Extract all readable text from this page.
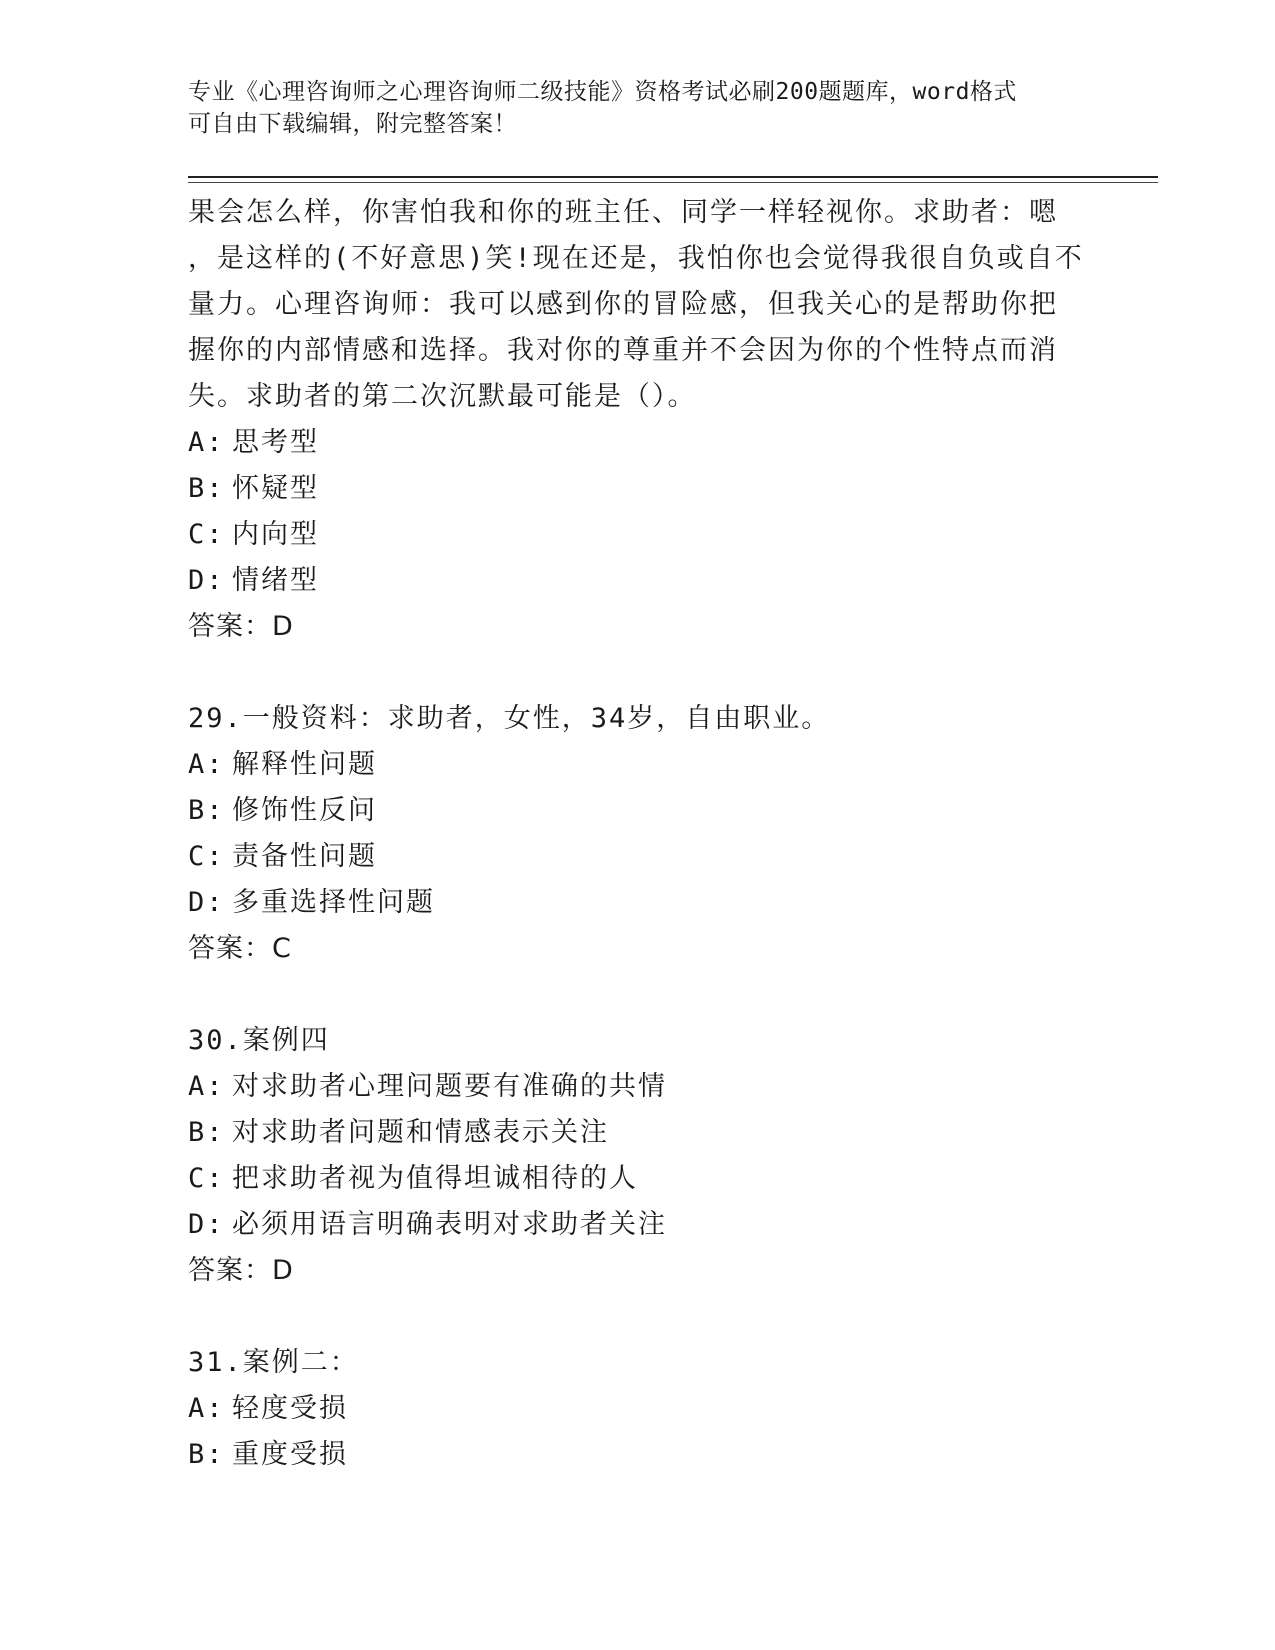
专业《心理咨询师之心理咨询师二级技能》资格考试必刷200题题库，word格式
可自由下载编辑，附完整答案！
果会怎么样，你害怕我和你的班主任、同学一样轻视你。求助者：嗯
，是这样的(不好意思)笑!现在还是，我怕你也会觉得我很自负或自不
量力。心理咨询师：我可以感到你的冒险感，但我关心的是帮助你把
握你的内部情感和选择。我对你的尊重并不会因为你的个性特点而消
失。求助者的第二次沉默最可能是（）。
A: 思考型
B: 怀疑型
C: 内向型
D: 情绪型
答案：D
29.一般资料：求助者，女性，34岁，自由职业。
A: 解释性问题
B: 修饰性反问
C: 责备性问题
D: 多重选择性问题
答案：C
30.案例四
A: 对求助者心理问题要有准确的共情
B: 对求助者问题和情感表示关注
C: 把求助者视为值得坦诚相待的人
D: 必须用语言明确表明对求助者关注
答案：D
31.案例二：
A: 轻度受损
B: 重度受损
